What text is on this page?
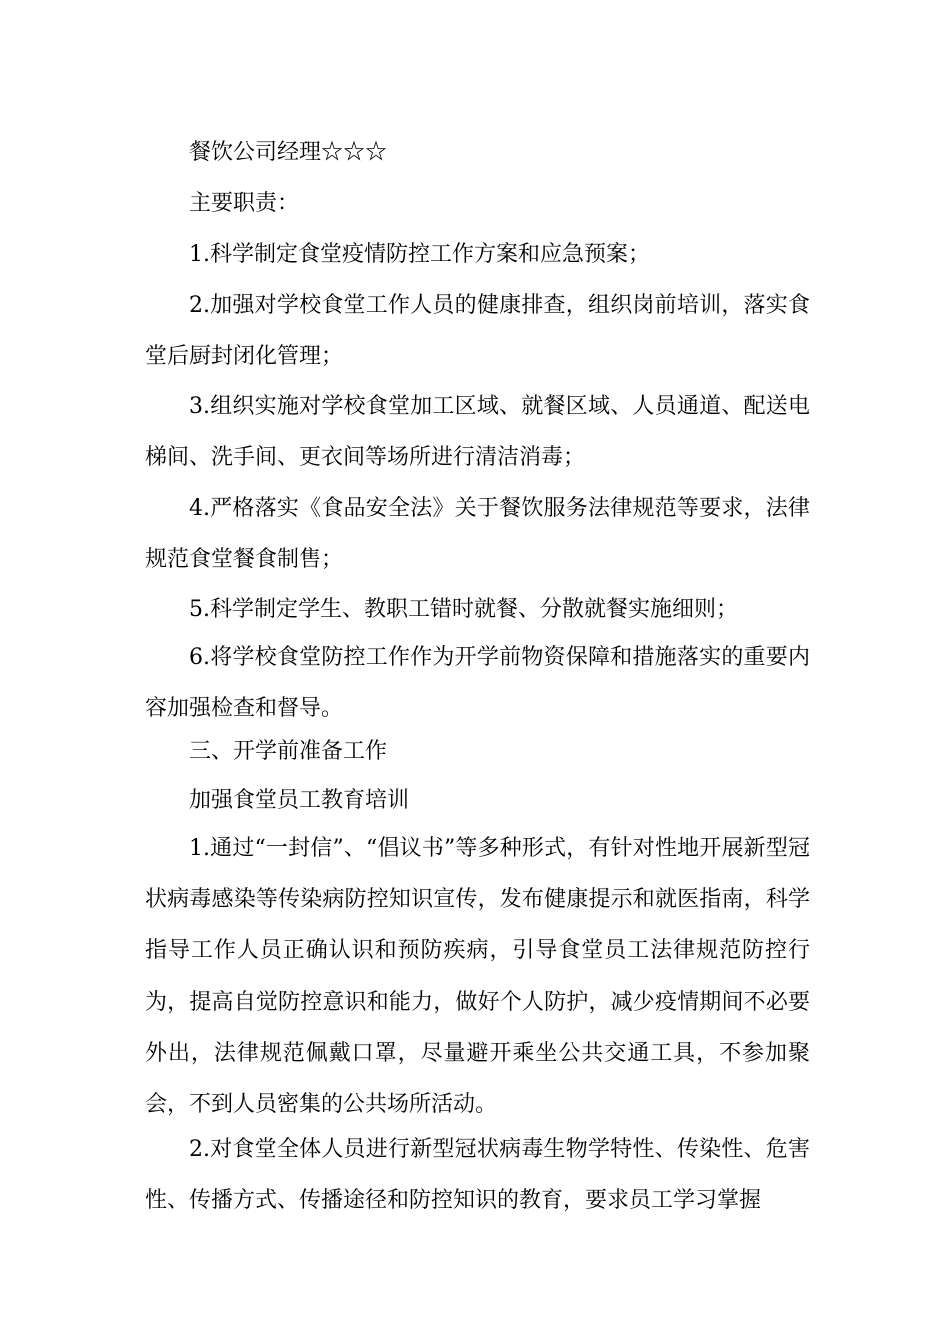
餐饮公司经理☆☆☆

主要职责：

1.科学制定食堂疫情防控工作方案和应急预案；

2.加强对学校食堂工作人员的健康排查，组织岗前培训，落实食堂后厨封闭化管理；

3.组织实施对学校食堂加工区域、就餐区域、人员通道、配送电梯间、洗手间、更衣间等场所进行清洁消毒；

4.严格落实《食品安全法》关于餐饮服务法律规范等要求，法律规范食堂餐食制售；

5.科学制定学生、教职工错时就餐、分散就餐实施细则；

6.将学校食堂防控工作作为开学前物资保障和措施落实的重要内容加强检查和督导。

三、开学前准备工作

加强食堂员工教育培训

1.通过“一封信”、“倡议书”等多种形式，有针对性地开展新型冠状病毒感染等传染病防控知识宣传，发布健康提示和就医指南，科学指导工作人员正确认识和预防疾病，引导食堂员工法律规范防控行为，提高自觉防控意识和能力，做好个人防护，减少疫情期间不必要外出，法律规范佩戴口罩，尽量避开乘坐公共交通工具，不参加聚会，不到人员密集的公共场所活动。

2.对食堂全体人员进行新型冠状病毒生物学特性、传染性、危害性、传播方式、传播途径和防控知识的教育，要求员工学习掌握
